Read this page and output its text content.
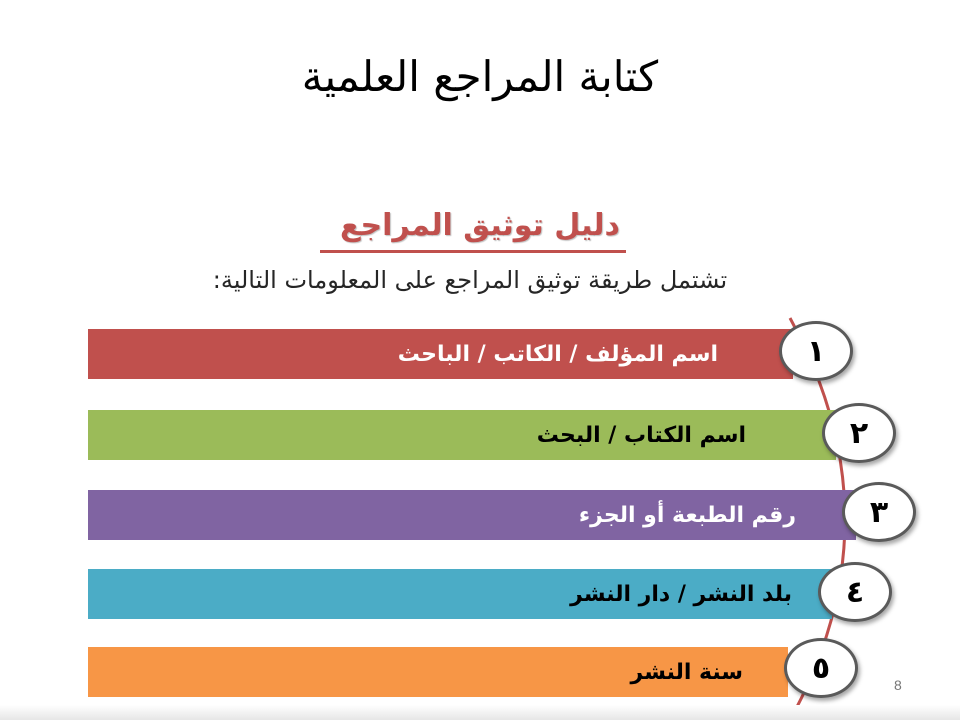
كتابة المراجع العلمية
دليل توثيق المراجع
تشتمل طريقة توثيق المراجع على المعلومات التالية:
اسم المؤلف / الكاتب / الباحث	١
اسم الكتاب / البحث	٢
رقم الطبعة أو الجزء	٣
بلد النشر / دار النشر	٤
سنة النشر	٥	8
